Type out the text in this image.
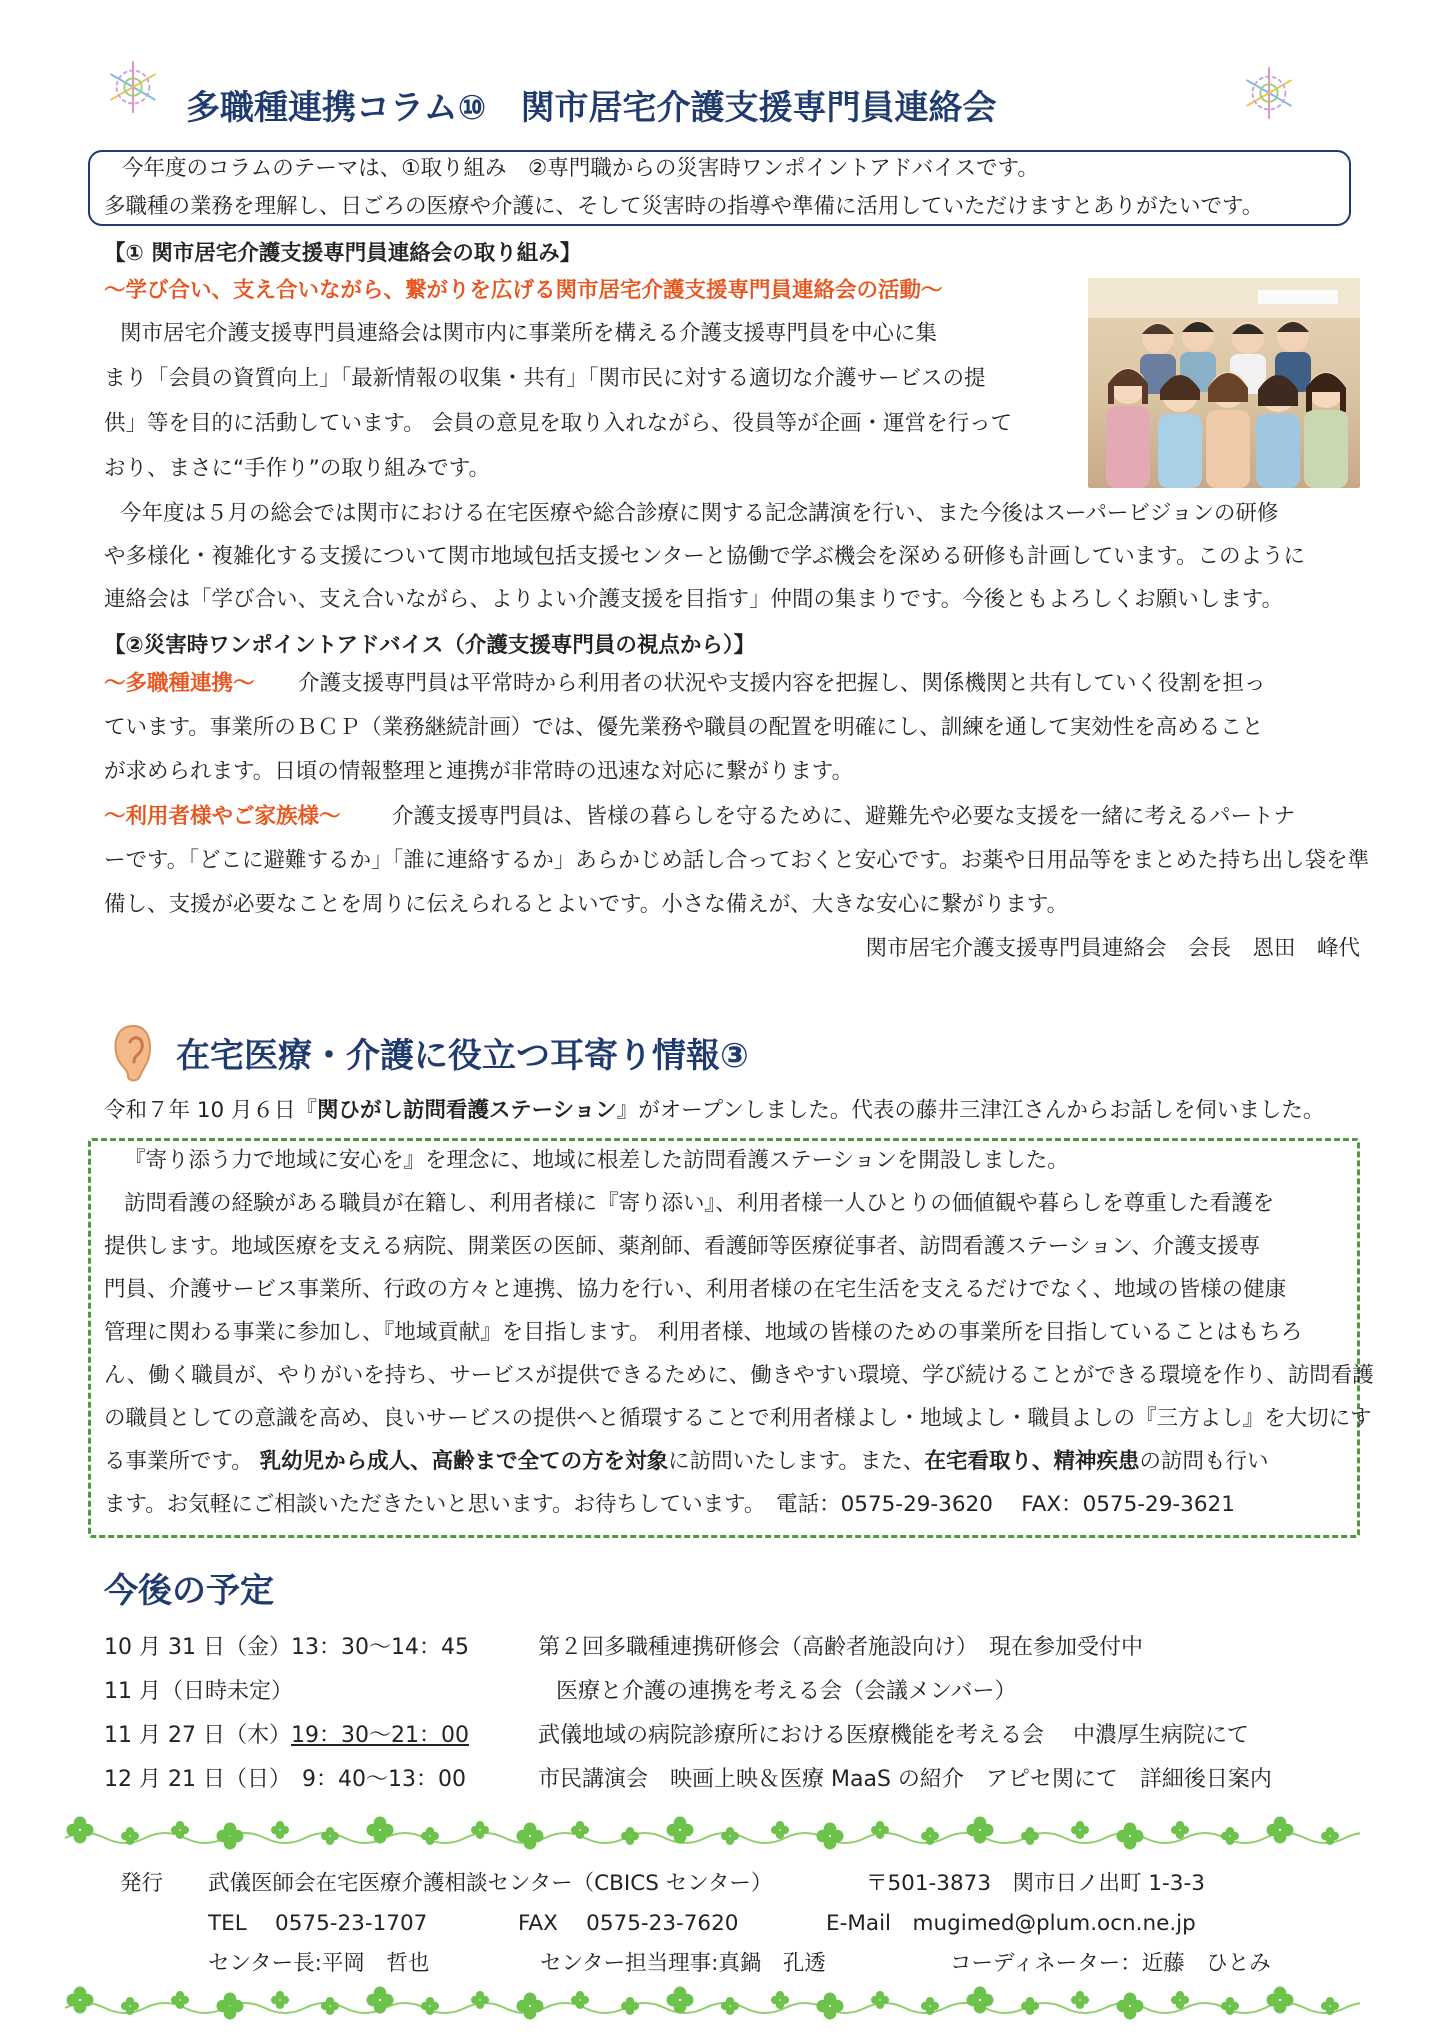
多職種連携コラム⑩　関市居宅介護支援専門員連絡会
今年度のコラムのテーマは、①取り組み　②専門職からの災害時ワンポイントアドバイスです。
多職種の業務を理解し、日ごろの医療や介護に、そして災害時の指導や準備に活用していただけますとありがたいです。
【① 関市居宅介護支援専門員連絡会の取り組み】
～学び合い、支え合いながら、繋がりを広げる関市居宅介護支援専門員連絡会の活動～
関市居宅介護支援専門員連絡会は関市内に事業所を構える介護支援専門員を中心に集
まり「会員の資質向上」「最新情報の収集・共有」「関市民に対する適切な介護サービスの提
供」等を目的に活動しています。 会員の意見を取り入れながら、役員等が企画・運営を行って
おり、まさに“手作り”の取り組みです。
今年度は５月の総会では関市における在宅医療や総合診療に関する記念講演を行い、また今後はスーパービジョンの研修
や多様化・複雑化する支援について関市地域包括支援センターと協働で学ぶ機会を深める研修も計画しています。このように
連絡会は「学び合い、支え合いながら、よりよい介護支援を目指す」仲間の集まりです。今後ともよろしくお願いします。
【②災害時ワンポイントアドバイス（介護支援専門員の視点から）】
～多職種連携～ 介護支援専門員は平常時から利用者の状況や支援内容を把握し、関係機関と共有していく役割を担っ
ています。事業所のＢＣＰ（業務継続計画）では、優先業務や職員の配置を明確にし、訓練を通して実効性を高めること
が求められます。日頃の情報整理と連携が非常時の迅速な対応に繋がります。
～利用者様やご家族様～ 介護支援専門員は、皆様の暮らしを守るために、避難先や必要な支援を一緒に考えるパートナ
ーです。「どこに避難するか」「誰に連絡するか」あらかじめ話し合っておくと安心です。お薬や日用品等をまとめた持ち出し袋を準
備し、支援が必要なことを周りに伝えられるとよいです。小さな備えが、大きな安心に繋がります。
関市居宅介護支援専門員連絡会　会長　恩田　峰代
在宅医療・介護に役立つ耳寄り情報③
令和７年 10 月６日『関ひがし訪問看護ステーション』がオープンしました。代表の藤井三津江さんからお話しを伺いました。
『寄り添う力で地域に安心を』を理念に、地域に根差した訪問看護ステーションを開設しました。
訪問看護の経験がある職員が在籍し、利用者様に『寄り添い』、利用者様一人ひとりの価値観や暮らしを尊重した看護を
提供します。地域医療を支える病院、開業医の医師、薬剤師、看護師等医療従事者、訪問看護ステーション、介護支援専
門員、介護サービス事業所、行政の方々と連携、協力を行い、利用者様の在宅生活を支えるだけでなく、地域の皆様の健康
管理に関わる事業に参加し、『地域貢献』を目指します。 利用者様、地域の皆様のための事業所を目指していることはもちろ
ん、働く職員が、やりがいを持ち、サービスが提供できるために、働きやすい環境、学び続けることができる環境を作り、訪問看護
の職員としての意識を高め、良いサービスの提供へと循環することで利用者様よし・地域よし・職員よしの『三方よし』を大切にす
る事業所です。 乳幼児から成人、高齢まで全ての方を対象に訪問いたします。また、在宅看取り、精神疾患の訪問も行い
ます。お気軽にご相談いただきたいと思います。お待ちしています。　電話：0575-29-3620　 FAX：0575-29-3621
今後の予定
10 月 31 日（金）13：30～14：45	第２回多職種連携研修会（高齢者施設向け）　現在参加受付中
11 月（日時未定）	医療と介護の連携を考える会（会議メンバー）
11 月 27 日（木）19：30～21：00	武儀地域の病院診療所における医療機能を考える会　 中濃厚生病院にて
12 月 21 日（日）　9：40～13：00	市民講演会　映画上映＆医療 MaaS の紹介　アピセ関にて　詳細後日案内
発行 武儀医師会在宅医療介護相談センター（CBICS センター）	〒501-3873　関市日ノ出町 1-3-3
TEL　 0575-23-1707	FAX　 0575-23-7620	E-Mail　mugimed@plum.ocn.ne.jp
センター長:平岡　哲也	センター担当理事:真鍋　孔透	コーディネーター：近藤　ひとみ
